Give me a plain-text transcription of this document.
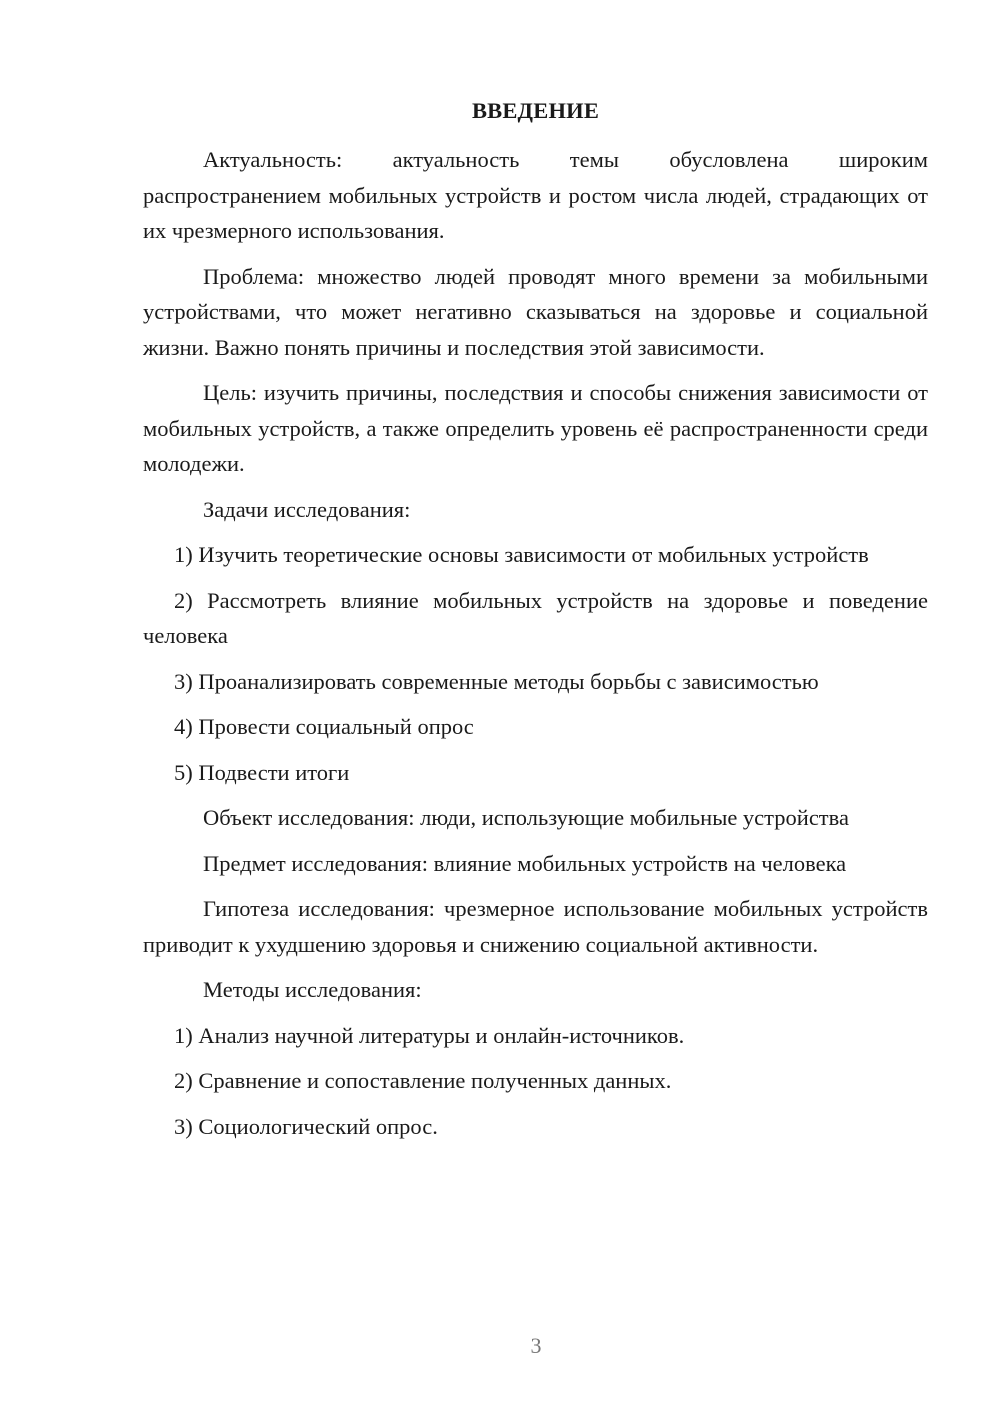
ВВЕДЕНИЕ

Актуальность: актуальность темы обусловлена широким распространением мобильных устройств и ростом числа людей, страдающих от их чрезмерного использования.

Проблема: множество людей проводят много времени за мобильными устройствами, что может негативно сказываться на здоровье и социальной жизни. Важно понять причины и последствия этой зависимости.

Цель: изучить причины, последствия и способы снижения зависимости от мобильных устройств, а также определить уровень её распространенности среди молодежи.

Задачи исследования:

1) Изучить теоретические основы зависимости от мобильных устройств

2) Рассмотреть влияние мобильных устройств на здоровье и поведение человека

3) Проанализировать современные методы борьбы с зависимостью

4) Провести социальный опрос

5) Подвести итоги

Объект исследования: люди, использующие мобильные устройства

Предмет исследования: влияние мобильных устройств на человека

Гипотеза исследования: чрезмерное использование мобильных устройств приводит к ухудшению здоровья и снижению социальной активности.

Методы исследования:

1) Анализ научной литературы и онлайн-источников.

2) Сравнение и сопоставление полученных данных.

3) Социологический опрос.

3
